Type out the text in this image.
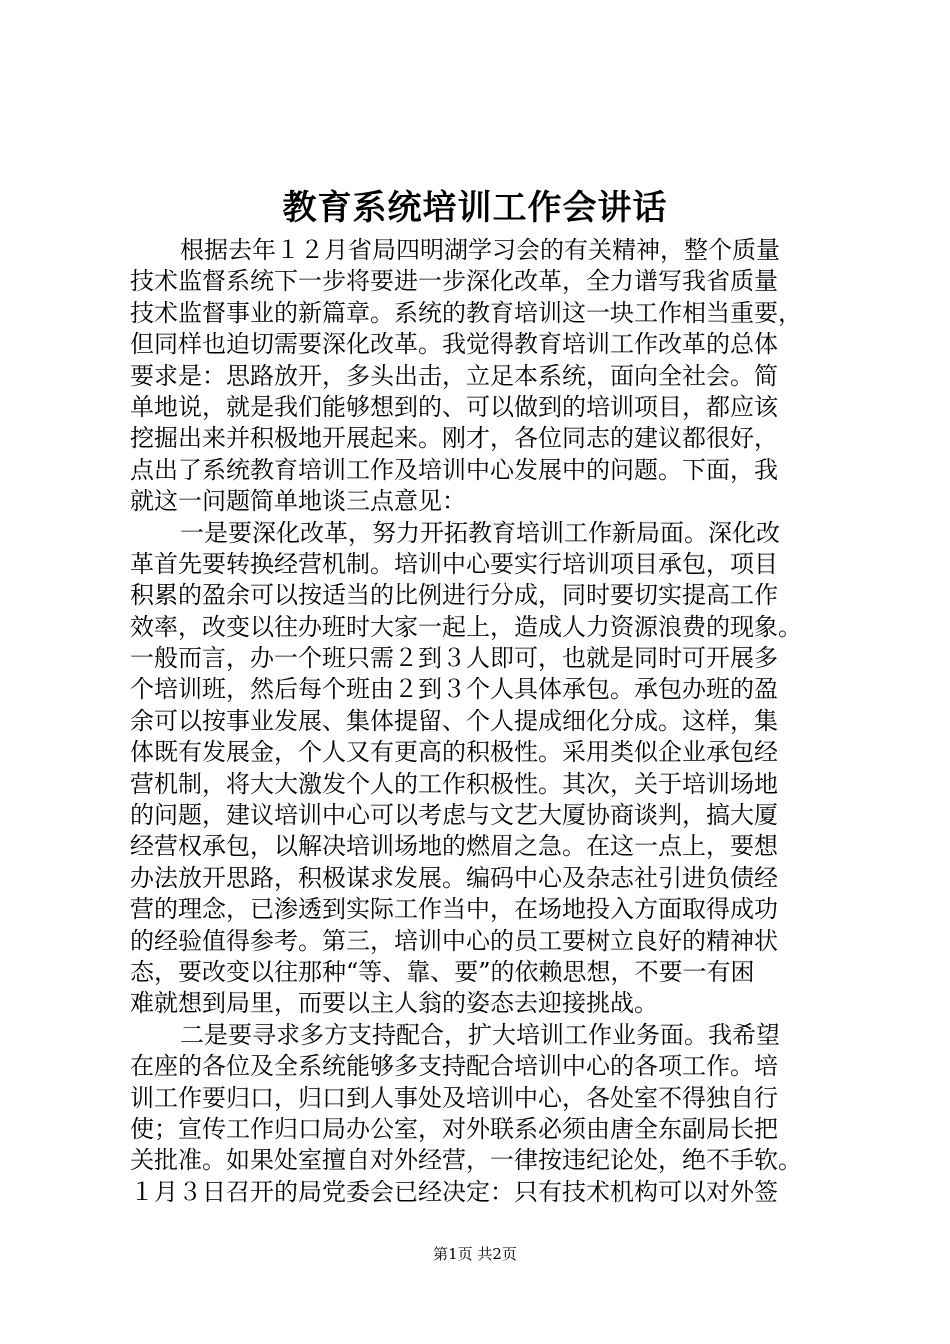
教育系统培训工作会讲话
根据去年１２月省局四明湖学习会的有关精神，整个质量
技术监督系统下一步将要进一步深化改革，全力谱写我省质量
技术监督事业的新篇章。系统的教育培训这一块工作相当重要，
但同样也迫切需要深化改革。我觉得教育培训工作改革的总体
要求是：思路放开，多头出击，立足本系统，面向全社会。简
单地说，就是我们能够想到的、可以做到的培训项目，都应该
挖掘出来并积极地开展起来。刚才，各位同志的建议都很好，
点出了系统教育培训工作及培训中心发展中的问题。下面，我
就这一问题简单地谈三点意见：
一是要深化改革，努力开拓教育培训工作新局面。深化改
革首先要转换经营机制。培训中心要实行培训项目承包，项目
积累的盈余可以按适当的比例进行分成，同时要切实提高工作
效率，改变以往办班时大家一起上，造成人力资源浪费的现象。
一般而言，办一个班只需２到３人即可，也就是同时可开展多
个培训班，然后每个班由２到３个人具体承包。承包办班的盈
余可以按事业发展、集体提留、个人提成细化分成。这样，集
体既有发展金，个人又有更高的积极性。采用类似企业承包经
营机制，将大大激发个人的工作积极性。其次，关于培训场地
的问题，建议培训中心可以考虑与文艺大厦协商谈判，搞大厦
经营权承包，以解决培训场地的燃眉之急。在这一点上，要想
办法放开思路，积极谋求发展。编码中心及杂志社引进负债经
营的理念，已渗透到实际工作当中，在场地投入方面取得成功
的经验值得参考。第三，培训中心的员工要树立良好的精神状
态，要改变以往那种“等、靠、要”的依赖思想，不要一有困
难就想到局里，而要以主人翁的姿态去迎接挑战。
二是要寻求多方支持配合，扩大培训工作业务面。我希望
在座的各位及全系统能够多支持配合培训中心的各项工作。培
训工作要归口，归口到人事处及培训中心，各处室不得独自行
使；宣传工作归口局办公室，对外联系必须由唐全东副局长把
关批准。如果处室擅自对外经营，一律按违纪论处，绝不手软。
１月３日召开的局党委会已经决定：只有技术机构可以对外签
第1页 共2页
